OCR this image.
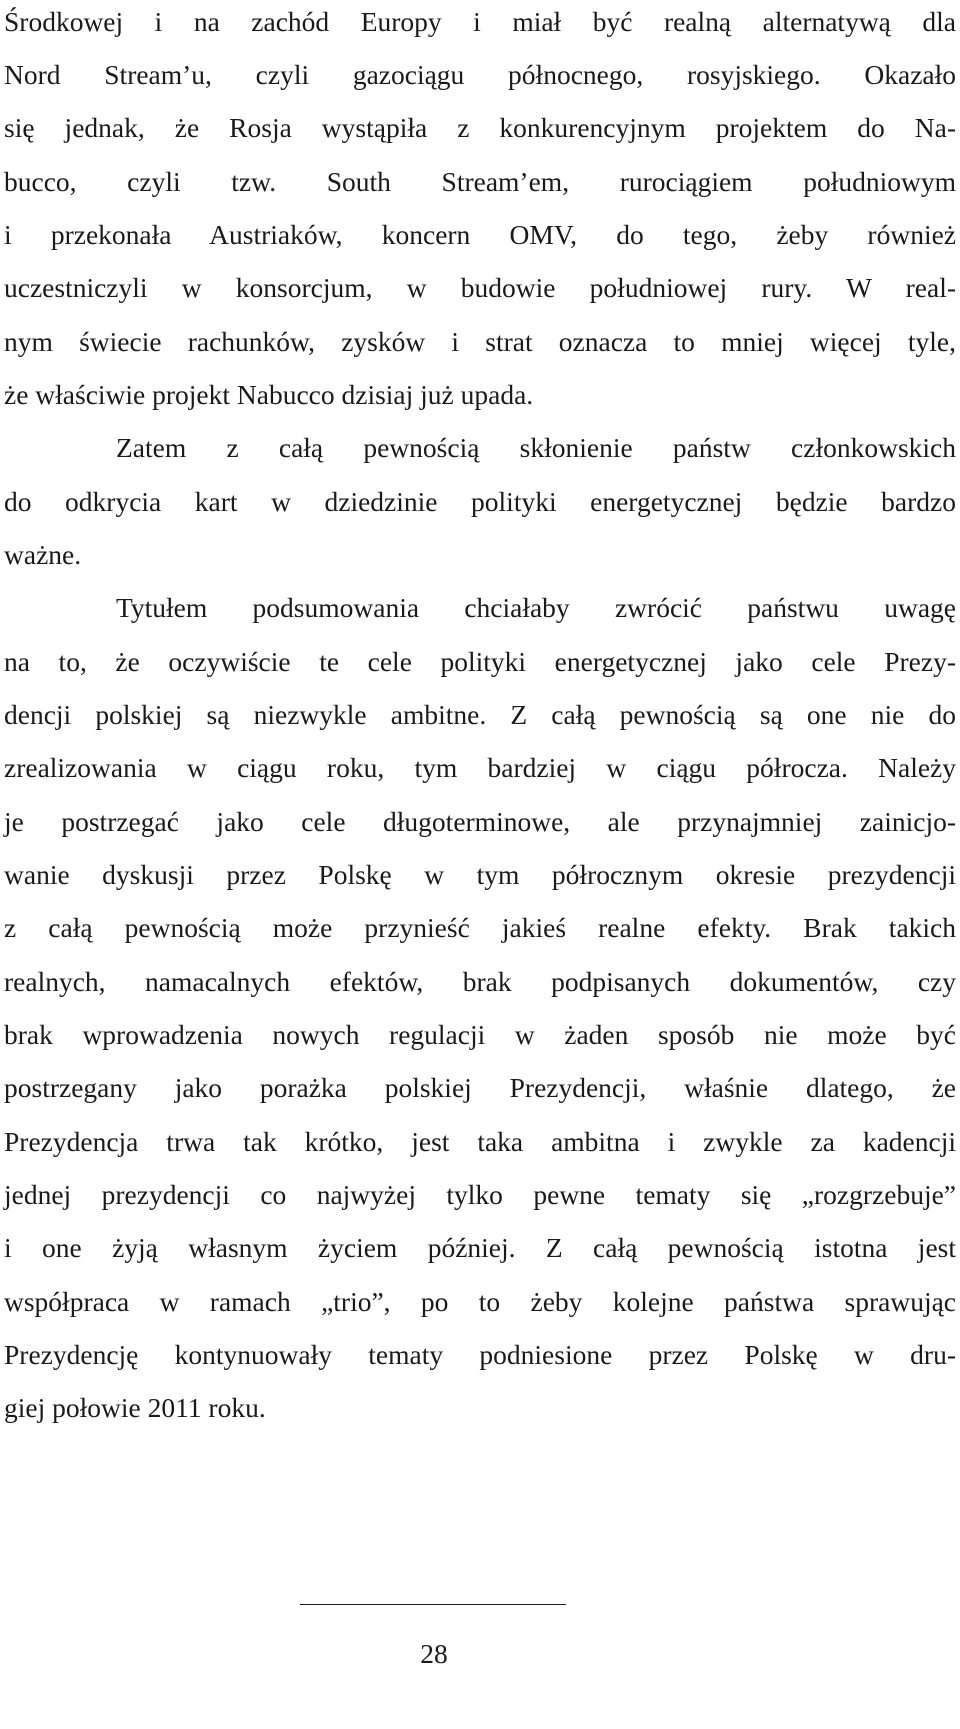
Środkowej i na zachód Europy i miał być realną alternatywą dla
Nord Stream’u, czyli gazociągu północnego, rosyjskiego. Okazało
się jednak, że Rosja wystąpiła z konkurencyjnym projektem do Na-
bucco, czyli tzw. South Stream’em, rurociągiem południowym
i przekonała Austriaków, koncern OMV, do tego, żeby również
uczestniczyli w konsorcjum, w budowie południowej rury. W real-
nym świecie rachunków, zysków i strat oznacza to mniej więcej tyle,
że właściwie projekt Nabucco dzisiaj już upada.
Zatem z całą pewnością skłonienie państw członkowskich
do odkrycia kart w dziedzinie polityki energetycznej będzie bardzo
ważne.
Tytułem podsumowania chciałaby zwrócić państwu uwagę
na to, że oczywiście te cele polityki energetycznej jako cele Prezy-
dencji polskiej są niezwykle ambitne. Z całą pewnością są one nie do
zrealizowania w ciągu roku, tym bardziej w ciągu półrocza. Należy
je postrzegać jako cele długoterminowe, ale przynajmniej zainicjo-
wanie dyskusji przez Polskę w tym półrocznym okresie prezydencji
z całą pewnością może przynieść jakieś realne efekty. Brak takich
realnych, namacalnych efektów, brak podpisanych dokumentów, czy
brak wprowadzenia nowych regulacji w żaden sposób nie może być
postrzegany jako porażka polskiej Prezydencji, właśnie dlatego, że
Prezydencja trwa tak krótko, jest taka ambitna i zwykle za kadencji
jednej prezydencji co najwyżej tylko pewne tematy się „rozgrzebuje”
i one żyją własnym życiem później. Z całą pewnością istotna jest
współpraca w ramach „trio”, po to żeby kolejne państwa sprawując
Prezydencję kontynuowały tematy podniesione przez Polskę w dru-
giej połowie 2011 roku.
28
